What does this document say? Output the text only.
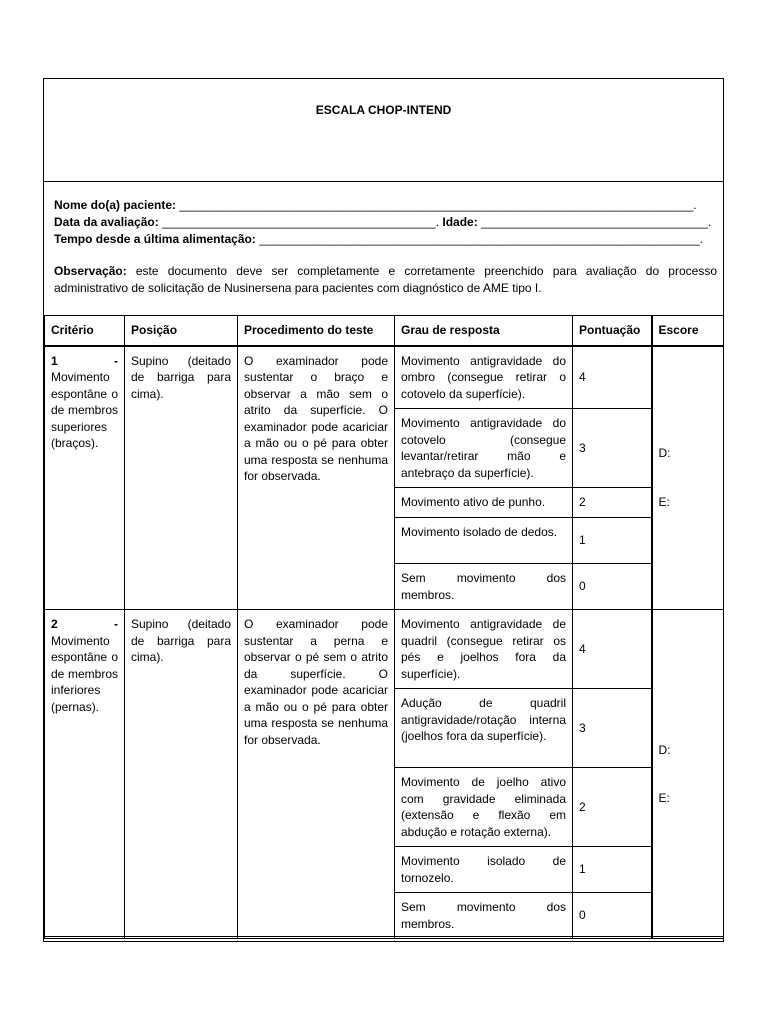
ESCALA CHOP-INTEND
Nome do(a) paciente: _____________________________________________________________________________.
Data da avaliação: _________________________________________. Idade: __________________________________.
Tempo desde a última alimentação: __________________________________________________________________.
Observação: este documento deve ser completamente e corretamente preenchido para avaliação do processo administrativo de solicitação de Nusinersena para pacientes com diagnóstico de AME tipo I.
Critério	Posição	Procedimento do teste	Grau de resposta	Pontuação	Escore
1 - Movimento espontâne o de membros superiores (braços).	Supino (deitado de barriga para cima).	O examinador pode sustentar o braço e observar a mão sem o atrito da superfície. O examinador pode acariciar a mão ou o pé para obter uma resposta se nenhuma for observada.	Movimento antigravidade do ombro (consegue retirar o cotovelo da superfície).	4	D:
E:

			Movimento antigravidade do cotovelo (consegue levantar/retirar mão e antebraço da superfície).	3	
			Movimento ativo de punho.	2	
			Movimento isolado de dedos.	1	
			Sem movimento dos membros.	0	
2 - Movimento espontâne o de membros inferiores (pernas).	Supino (deitado de barriga para cima).	O examinador pode sustentar a perna e observar o pé sem o atrito da superfície. O examinador pode acariciar a mão ou o pé para obter uma resposta se nenhuma for observada.	Movimento antigravidade de quadril (consegue retirar os pés e joelhos fora da superfície).	4	D:
E:

			Adução de quadril antigravidade/rotação interna (joelhos fora da superfície).	3	
			Movimento de joelho ativo com gravidade eliminada (extensão e flexão em abdução e rotação externa).	2	
			Movimento isolado de tornozelo.	1	
			Sem movimento dos membros.	0	
